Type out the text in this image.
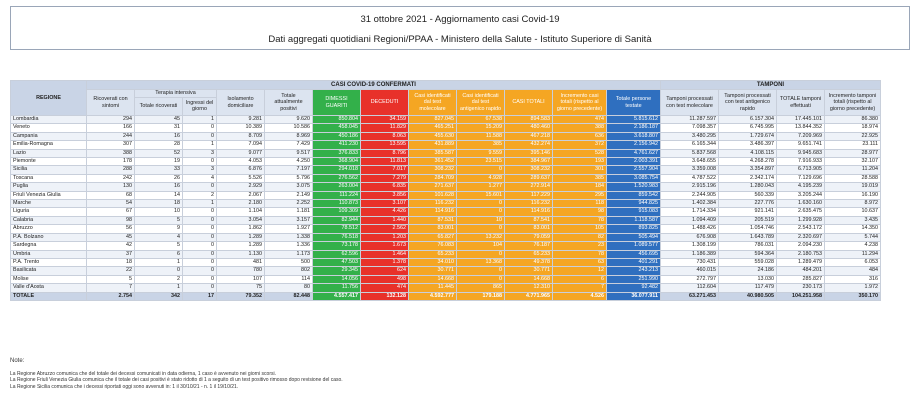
31 ottobre 2021 - Aggiornamento casi Covid-19
Dati aggregati quotidiani Regioni/PPAA - Ministero della Salute - Istituto Superiore di Sanità
REGIONE	CASI COVID-19 CONFERMATI												TAMPONI			
	Ricoverati con sintomi	Terapia intensiva		Isolamento domiciliare	Totale attualmente positivi	DIMESSI GUARITI	DECEDUTI	Casi identificati dal test molecolare	Casi identificati dal test antigenico rapido	CASI TOTALI	Incremento casi totali (rispetto al giorno precedente)	Totale persone testate	Tamponi processati con test molecolare	Tamponi processati con test antigenico rapido	TOTALE tamponi effettuati	Incremento tamponi totali (rispetto al giorno precedente)
		Totale ricoverati	Ingressi del giorno													
Lombardia	294	45	1	9.281	9.620	850.804	34.159	827.045	67.538	894.583	474	5.815.612	11.287.597	6.157.304	17.445.101	86.380
Veneto	166	31	0	10.389	10.586	458.045	11.829	465.251	15.209	480.460	388	2.186.187	7.098.357	6.745.995	13.844.352	18.974
Campania	244	16	0	8.709	8.969	450.186	8.063	455.630	11.588	467.218	636	3.618.807	3.480.295	1.729.674	7.209.969	22.925
Emilia-Romagna	307	28	1	7.094	7.429	411.230	13.595	431.889	385	432.274	372	2.156.942	6.165.344	3.486.397	9.651.741	23.111
Lazio	388	52	3	9.077	9.517	376.833	8.796	385.587	9.559	395.146	528	4.761.627	5.837.568	4.108.115	9.945.683	28.977
Piemonte	178	19	0	4.053	4.250	368.904	11.813	361.452	23.515	384.967	193	2.003.391	3.648.655	4.268.278	7.916.933	32.107
Sicilia	288	33	3	6.876	7.197	294.018	7.017	308.232	0	308.232	301	2.557.904	3.359.008	3.354.897	6.713.905	11.204
Toscana	242	26	4	5.526	5.796	276.562	7.279	284.709	4.928	289.637	385	3.085.754	4.787.522	2.342.174	7.129.696	28.588
Puglia	130	16	0	2.929	3.075	263.004	6.835	271.637	1.277	272.914	184	1.520.983	2.915.196	1.280.043	4.195.239	19.019
Friuli Venezia Giulia	68	14	2	2.067	2.149	111.224	3.856	101.628	15.601	117.229	295	859.542	2.244.905	560.339	3.205.244	16.190
Marche	54	18	1	2.180	2.252	110.873	3.107	116.232	0	116.232	118	944.825	1.402.384	227.776	1.630.160	8.972
Liguria	67	10	0	1.104	1.181	109.309	4.426	114.916	0	114.916	98	915.083	1.714.334	921.141	2.635.475	10.637
Calabria	98	5	0	3.054	3.157	82.944	1.440	87.531	10	87.541	78	1.118.587	1.094.409	205.519	1.299.928	3.435
Abruzzo	56	9	0	1.862	1.927	78.512	2.562	83.001	0	83.001	105	893.825	1.488.426	1.054.746	2.543.172	14.350
P.A. Bolzano	45	4	0	1.289	1.338	76.518	1.203	65.827	13.232	79.059	82	505.494	676.908	1.643.789	2.320.697	5.744
Sardegna	42	5	0	1.289	1.336	73.178	1.673	76.083	104	76.187	23	1.089.577	1.308.199	786.031	2.094.230	4.238
Umbria	37	6	0	1.130	1.173	62.596	1.464	65.233	0	65.233	78	456.695	1.186.389	594.364	2.180.753	11.294
P.A. Trento	18	1	0	481	500	47.503	1.378	34.010	13.368	49.378	63	401.291	730.431	559.028	1.289.479	6.053
Basilicata	22	0	0	780	802	29.345	624	30.771	0	30.771	12	243.213	460.015	24.186	484.201	484
Molise	5	2	0	107	114	14.056	498	14.668	0	14.668	6	251.990	272.797	13.030	285.827	316
Valle d'Aosta	7	1	0	75	80	11.756	474	11.445	865	12.310	7	92.482	112.604	117.479	230.173	1.972
TOTALE	2.754	342	17	79.352	82.448	4.557.417	132.128	4.592.777	179.188	4.771.965	4.526	36.077.911	63.271.453	40.980.505	104.251.958	350.170
Note:
La Regione Abruzzo comunica che del totale dei decessi comunicati in data odierna, 1 caso è avvenuto nei giorni scorsi.
La Regione Friuli Venezia Giulia comunica che il totale dei casi positivi è stato ridotto di 1 a seguito di un test positivo rimosso dopo revisione del caso.
La Regione Sicilia comunica che i decessi riportati oggi sono avvenuti in: 1 il 30/10/21 - n. 1 il 19/10/21.
